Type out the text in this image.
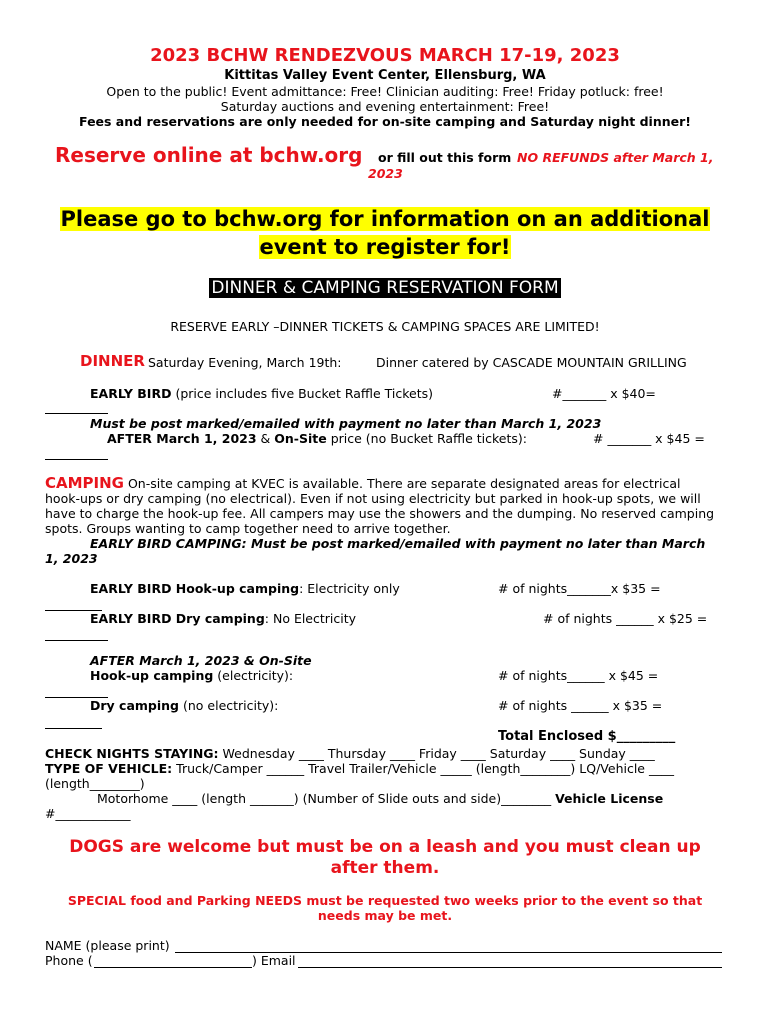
2023 BCHW RENDEZVOUS MARCH 17-19, 2023
Kittitas Valley Event Center, Ellensburg, WA
Open to the public! Event admittance: Free! Clinician auditing: Free! Friday potluck: free!
Saturday auctions and evening entertainment: Free!
Fees and reservations are only needed for on-site camping and Saturday night dinner!
Reserve online at bchw.org or fill out this form NO REFUNDS after March 1,
2023
Please go to bchw.org for information on an additional
event to register for!
DINNER & CAMPING RESERVATION FORM
RESERVE EARLY –DINNER TICKETS & CAMPING SPACES ARE LIMITED!
DINNER Saturday Evening, March 19th:	Dinner catered by CASCADE MOUNTAIN GRILLING
EARLY BIRD (price includes five Bucket Raffle Tickets)	#_______ x $40=
Must be post marked/emailed with payment no later than March 1, 2023
AFTER March 1, 2023 & On-Site price (no Bucket Raffle tickets):	# _______ x $45 =
CAMPING On-site camping at KVEC is available. There are separate designated areas for electrical
hook-ups or dry camping (no electrical). Even if not using electricity but parked in hook-up spots, we will
have to charge the hook-up fee. All campers may use the showers and the dumping. No reserved camping
spots. Groups wanting to camp together need to arrive together.
EARLY BIRD CAMPING: Must be post marked/emailed with payment no later than March
1, 2023
EARLY BIRD Hook-up camping: Electricity only	# of nights_______x $35 =
EARLY BIRD Dry camping: No Electricity	# of nights ______ x $25 =
AFTER March 1, 2023 & On-Site
Hook-up camping (electricity):	# of nights______ x $45 =
Dry camping (no electricity):	# of nights ______ x $35 =
Total Enclosed $_________
CHECK NIGHTS STAYING: Wednesday ____ Thursday ____ Friday ____ Saturday ____ Sunday ____
TYPE OF VEHICLE: Truck/Camper ______ Travel Trailer/Vehicle _____ (length________) LQ/Vehicle ____
(length________)
Motorhome ____ (length _______) (Number of Slide outs and side)________ Vehicle License
#____________
DOGS are welcome but must be on a leash and you must clean up
after them.
SPECIAL food and Parking NEEDS must be requested two weeks prior to the event so that
needs may be met.
NAME (please print)
Phone (	) Email
